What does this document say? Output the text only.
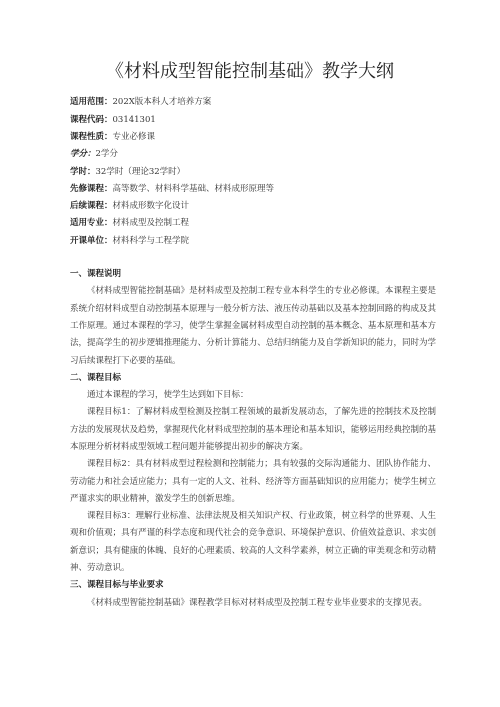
《材料成型智能控制基础》教学大纲
适用范围：202X版本科人才培养方案
课程代码：03141301
课程性质：专业必修课
学分：2学分
学时：32学时（理论32学时）
先修课程：高等数学、材料科学基础、材料成形原理等
后续课程：材料成形数字化设计
适用专业：材料成型及控制工程
开课单位：材料科学与工程学院
一、课程说明

《材料成型智能控制基础》是材料成型及控制工程专业本科学生的专业必修课。本课程主要是系统介绍材料成型自动控制基本原理与一般分析方法、液压传动基础以及基本控制回路的构成及其工作原理。通过本课程的学习，使学生掌握金属材料成型自动控制的基本概念、基本原理和基本方法，提高学生的初步逻辑推理能力、分析计算能力、总结归纳能力及自学新知识的能力，同时为学习后续课程打下必要的基础。

二、课程目标

通过本课程的学习，使学生达到如下目标：

课程目标1：了解材料成型检测及控制工程领域的最新发展动态，了解先进的控制技术及控制方法的发展现状及趋势，掌握现代化材料成型控制的基本理论和基本知识，能够运用经典控制的基本原理分析材料成型领域工程问题并能够提出初步的解决方案。

课程目标2：具有材料成型过程检测和控制能力；具有较强的交际沟通能力、团队协作能力、劳动能力和社会适应能力；具有一定的人文、社科、经济等方面基础知识的应用能力；使学生树立严谨求实的职业精神，激发学生的创新思维。

课程目标3：理解行业标准、法律法规及相关知识产权、行业政策，树立科学的世界观、人生观和价值观；具有严谨的科学态度和现代社会的竞争意识、环境保护意识、价值效益意识、求实创新意识；具有健康的体魄、良好的心理素质、较高的人文科学素养，树立正确的审美观念和劳动精神、劳动意识。

三、课程目标与毕业要求

《材料成型智能控制基础》课程教学目标对材料成型及控制工程专业毕业要求的支撑见表。
